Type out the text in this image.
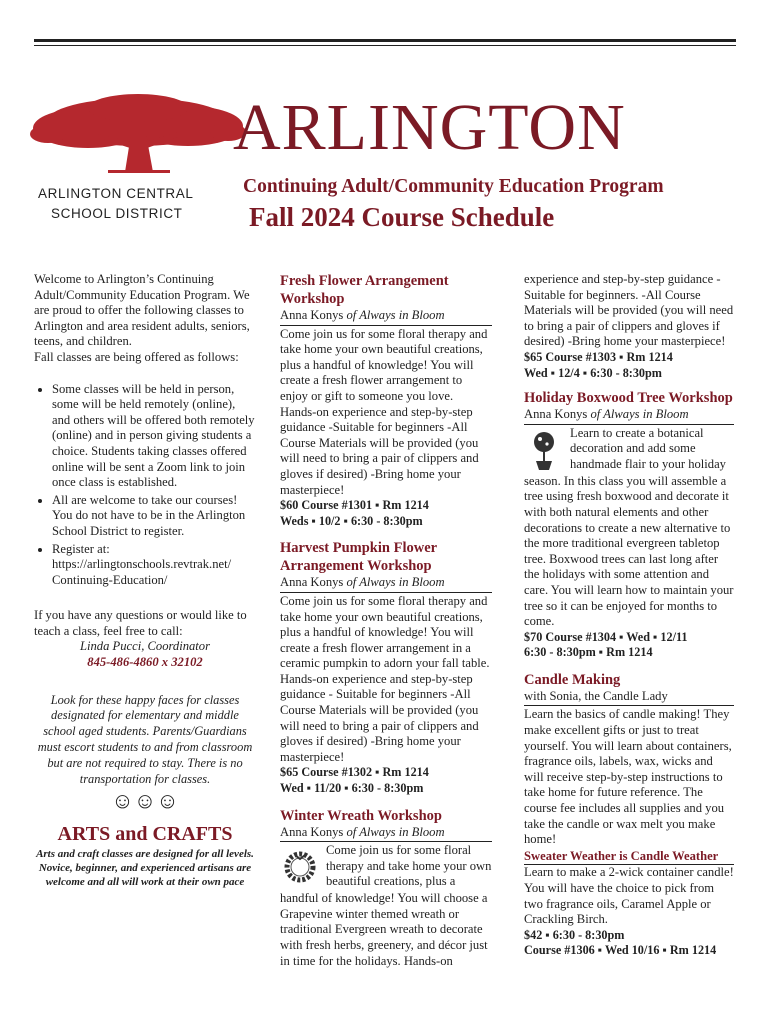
ARLINGTON CENTRAL
SCHOOL DISTRICT
ARLINGTON
Continuing Adult/Community Education Program
Fall 2024 Course Schedule

Welcome to Arlington’s Continuing Adult/Community Education Program. We are proud to offer the following classes to Arlington and area resident adults, seniors, teens, and children.

Fall classes are being offered as follows:

• Some classes will be held in person, some will be held remotely (online), and others will be offered both remotely (online) and in person giving students a choice. Students taking classes offered online will be sent a Zoom link to join once class is established.
• All are welcome to take our courses! You do not have to be in the Arlington School District to register.
• Register at: https://arlingtonschools.revtrak.net/ Continuing-Education/

If you have any questions or would like to teach a class, feel free to call:

Linda Pucci, Coordinator

845-486-4860 x 32102

Look for these happy faces for classes designated for elementary and middle school aged students. Parents/Guardians must escort students to and from classroom but are not required to stay. There is no transportation for classes.

☺☺☺
ARTS and CRAFTS

Arts and craft classes are designed for all levels. Novice, beginner, and experienced artisans are welcome and all will work at their own pace

Fresh Flower Arrangement Workshop
Anna Konys of Always in Bloom

Come join us for some floral therapy and take home your own beautiful creations, plus a handful of knowledge! You will create a fresh flower arrangement to enjoy or gift to someone you love. Hands-on experience and step-by-step guidance -Suitable for beginners -All Course Materials will be provided (you will need to bring a pair of clippers and gloves if desired) -Bring home your masterpiece!

$60 Course #1301 ▪ Rm 1214

Weds ▪ 10/2 ▪ 6:30 - 8:30pm

Harvest Pumpkin Flower Arrangement Workshop
Anna Konys of Always in Bloom

Come join us for some floral therapy and take home your own beautiful creations, plus a handful of knowledge! You will create a fresh flower arrangement in a ceramic pumpkin to adorn your fall table. Hands-on experience and step-by-step guidance - Suitable for beginners -All Course Materials will be provided (you will need to bring a pair of clippers and gloves if desired) -Bring home your masterpiece!

$65 Course #1302 ▪ Rm 1214

Wed ▪ 11/20 ▪ 6:30 - 8:30pm

Winter Wreath Workshop
Anna Konys of Always in Bloom

Come join us for some floral therapy and take home your own beautiful creations, plus a

handful of knowledge! You will choose a Grapevine winter themed wreath or traditional Evergreen wreath to decorate with fresh herbs, greenery, and décor just in time for the holidays. Hands-on

experience and step-by-step guidance - Suitable for beginners. -All Course Materials will be provided (you will need to bring a pair of clippers and gloves if desired) -Bring home your masterpiece!

$65 Course #1303 ▪ Rm 1214

Wed ▪ 12/4 ▪ 6:30 - 8:30pm

Holiday Boxwood Tree Workshop
Anna Konys of Always in Bloom

Learn to create a botanical decoration and add some handmade flair to your holiday

season. In this class you will assemble a tree using fresh boxwood and decorate it with both natural elements and other decorations to create a new alternative to the more traditional evergreen tabletop tree. Boxwood trees can last long after the holidays with some attention and care. You will learn how to maintain your tree so it can be enjoyed for months to come.

$70 Course #1304 ▪ Wed ▪ 12/11

6:30 - 8:30pm ▪ Rm 1214

Candle Making
with Sonia, the Candle Lady

Learn the basics of candle making! They make excellent gifts or just to treat yourself. You will learn about containers, fragrance oils, labels, wax, wicks and will receive step-by-step instructions to take home for future reference. The course fee includes all supplies and you take the candle or wax melt you make home!

Sweater Weather is Candle Weather

Learn to make a 2-wick container candle! You will have the choice to pick from two fragrance oils, Caramel Apple or Crackling Birch.

$42 ▪ 6:30 - 8:30pm

Course #1306 ▪ Wed 10/16 ▪ Rm 1214
